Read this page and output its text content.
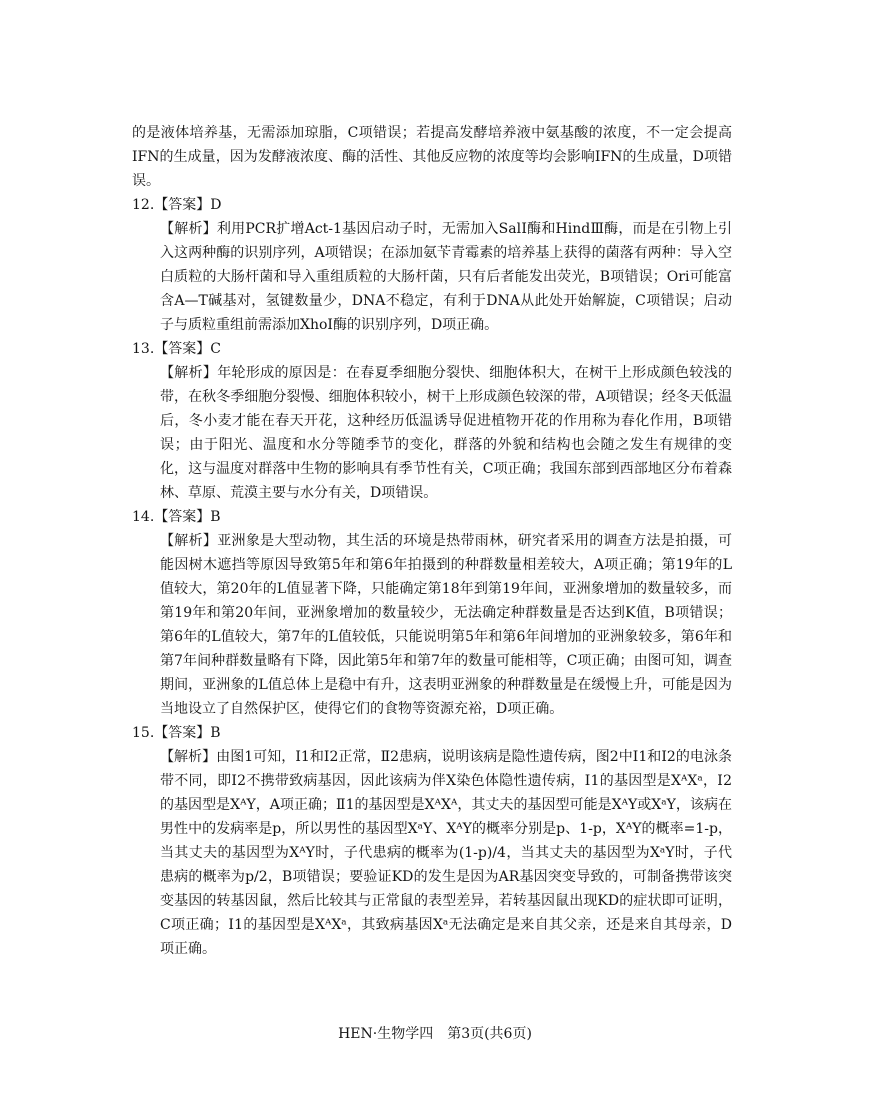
的是液体培养基，无需添加琼脂，C项错误；若提高发酵培养液中氨基酸的浓度，不一定会提高IFN的生成量，因为发酵液浓度、酶的活性、其他反应物的浓度等均会影响IFN的生成量，D项错误。

12.【答案】D

【解析】利用PCR扩增Act-1基因启动子时，无需加入SalⅠ酶和HindⅢ酶，而是在引物上引入这两种酶的识别序列，A项错误；在添加氨苄青霉素的培养基上获得的菌落有两种：导入空白质粒的大肠杆菌和导入重组质粒的大肠杆菌，只有后者能发出荧光，B项错误；Ori可能富含A—T碱基对，氢键数量少，DNA不稳定，有利于DNA从此处开始解旋，C项错误；启动子与质粒重组前需添加XhoⅠ酶的识别序列，D项正确。

13.【答案】C

【解析】年轮形成的原因是：在春夏季细胞分裂快、细胞体积大，在树干上形成颜色较浅的带，在秋冬季细胞分裂慢、细胞体积较小，树干上形成颜色较深的带，A项错误；经冬天低温后，冬小麦才能在春天开花，这种经历低温诱导促进植物开花的作用称为春化作用，B项错误；由于阳光、温度和水分等随季节的变化，群落的外貌和结构也会随之发生有规律的变化，这与温度对群落中生物的影响具有季节性有关，C项正确；我国东部到西部地区分布着森林、草原、荒漠主要与水分有关，D项错误。

14.【答案】B

【解析】亚洲象是大型动物，其生活的环境是热带雨林，研究者采用的调查方法是拍摄，可能因树木遮挡等原因导致第5年和第6年拍摄到的种群数量相差较大，A项正确；第19年的L值较大，第20年的L值显著下降，只能确定第18年到第19年间，亚洲象增加的数量较多，而第19年和第20年间，亚洲象增加的数量较少，无法确定种群数量是否达到K值，B项错误；第6年的L值较大，第7年的L值较低，只能说明第5年和第6年间增加的亚洲象较多，第6年和第7年间种群数量略有下降，因此第5年和第7年的数量可能相等，C项正确；由图可知，调查期间，亚洲象的L值总体上是稳中有升，这表明亚洲象的种群数量是在缓慢上升，可能是因为当地设立了自然保护区，使得它们的食物等资源充裕，D项正确。

15.【答案】B

【解析】由图1可知，Ⅰ1和Ⅰ2正常，Ⅱ2患病，说明该病是隐性遗传病，图2中Ⅰ1和Ⅰ2的电泳条带不同，即Ⅰ2不携带致病基因，因此该病为伴X染色体隐性遗传病，Ⅰ1的基因型是XᴬXᵃ，Ⅰ2的基因型是XᴬY，A项正确；Ⅱ1的基因型是XᴬXᴬ，其丈夫的基因型可能是XᴬY或XᵃY，该病在男性中的发病率是p，所以男性的基因型XᵃY、XᴬY的概率分别是p、1-p，XᴬY的概率=1-p，当其丈夫的基因型为XᴬY时，子代患病的概率为(1-p)/4，当其丈夫的基因型为XᵃY时，子代患病的概率为p/2，B项错误；要验证KD的发生是因为AR基因突变导致的，可制备携带该突变基因的转基因鼠，然后比较其与正常鼠的表型差异，若转基因鼠出现KD的症状即可证明，C项正确；Ⅰ1的基因型是XᴬXᵃ，其致病基因Xᵃ无法确定是来自其父亲，还是来自其母亲，D项正确。

HEN·生物学四　第3页(共6页)
